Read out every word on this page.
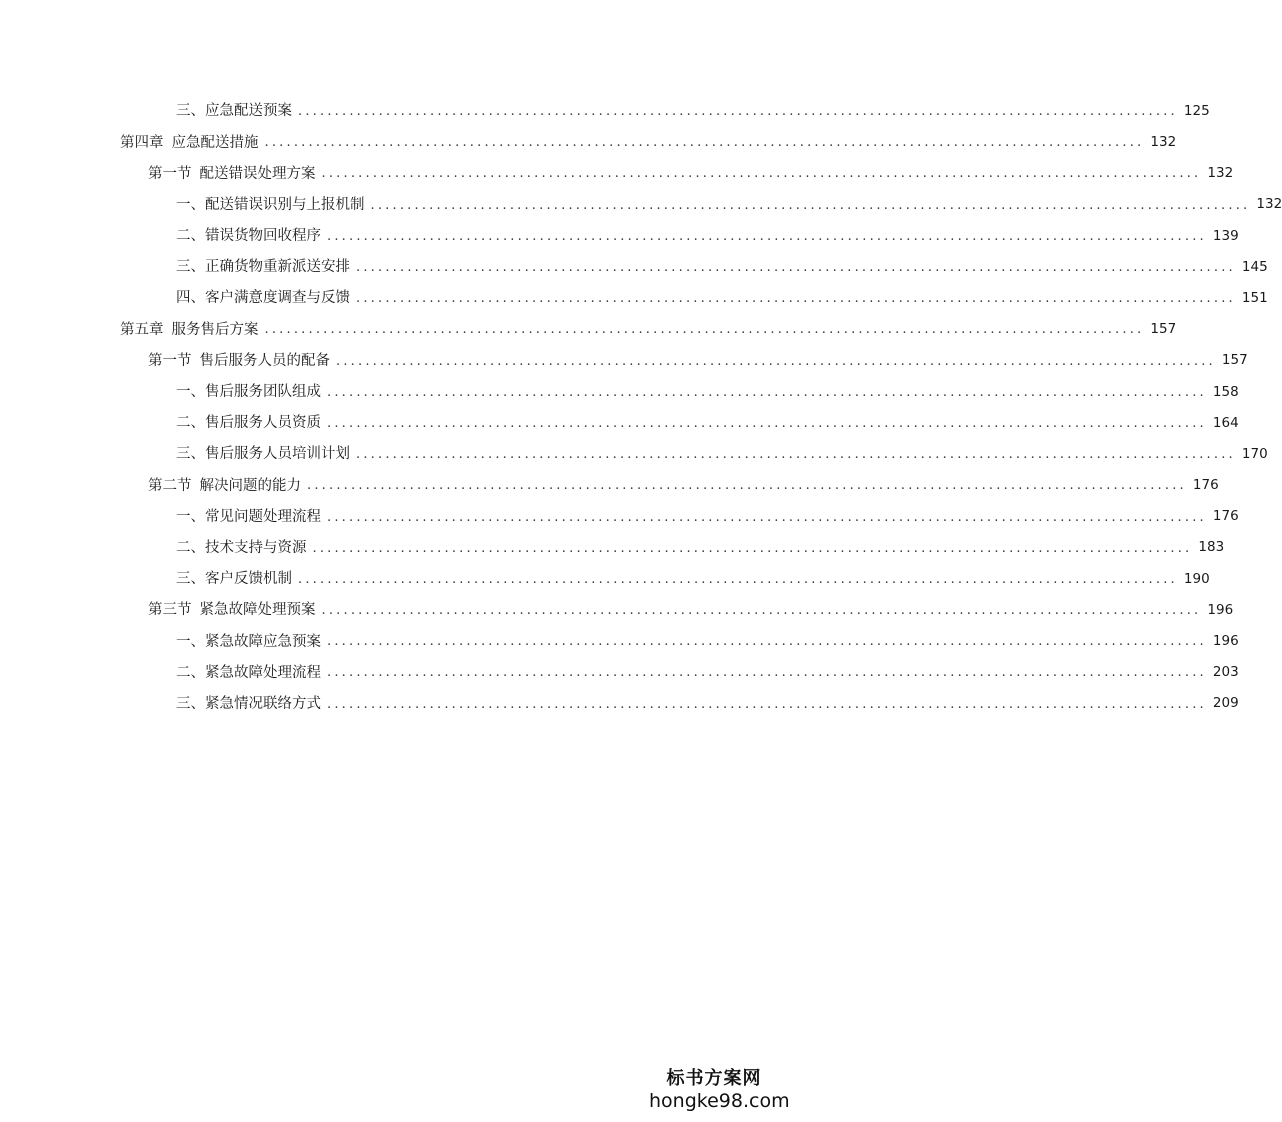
三、应急配送预案 ........................................................................................................................ 125
第四章 应急配送措施 ........................................................................................................................ 132
第一节 配送错误处理方案 ........................................................................................................................ 132
一、配送错误识别与上报机制 ........................................................................................................................ 132
二、错误货物回收程序 ........................................................................................................................ 139
三、正确货物重新派送安排 ........................................................................................................................ 145
四、客户满意度调查与反馈 ........................................................................................................................ 151
第五章 服务售后方案 ........................................................................................................................ 157
第一节 售后服务人员的配备 ........................................................................................................................ 157
一、售后服务团队组成 ........................................................................................................................ 158
二、售后服务人员资质 ........................................................................................................................ 164
三、售后服务人员培训计划 ........................................................................................................................ 170
第二节 解决问题的能力 ........................................................................................................................ 176
一、常见问题处理流程 ........................................................................................................................ 176
二、技术支持与资源 ........................................................................................................................ 183
三、客户反馈机制 ........................................................................................................................ 190
第三节 紧急故障处理预案 ........................................................................................................................ 196
一、紧急故障应急预案 ........................................................................................................................ 196
二、紧急故障处理流程 ........................................................................................................................ 203
三、紧急情况联络方式 ........................................................................................................................ 209
标书方案网
hongke98.com
